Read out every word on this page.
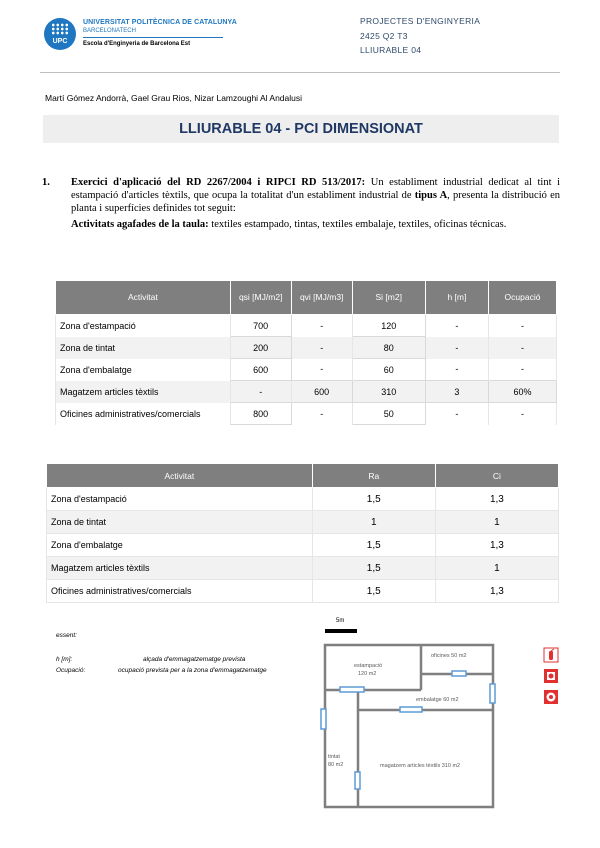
UPC
UNIVERSITAT POLITÈCNICA DE CATALUNYA
BARCELONATECH
Escola d'Enginyeria de Barcelona Est
PROJECTES D'ENGINYERIA
2425 Q2 T3
LLIURABLE 04
Martí Gómez Andorrà, Gael Grau Rios, Nizar Lamzoughi Al Andalusi
LLIURABLE 04 - PCI DIMENSIONAT
1. Exercici d'aplicació del RD 2267/2004 i RIPCI RD 513/2017: Un establiment industrial dedicat al tint i estampació d'articles tèxtils, que ocupa la totalitat d'un establiment industrial de tipus A, presenta la distribució en planta i superfícies definides tot seguit:
Activitats agafades de la taula: textiles estampado, tintas, textiles embalaje, textiles, oficinas técnicas.
Activitat	qsi [MJ/m2]	qvi [MJ/m3]	Si [m2]	h [m]	Ocupació
Zona d'estampació	700	-	120	-	-
Zona de tintat	200	-	80	-	-
Zona d'embalatge	600	-	60	-	-
Magatzem articles tèxtils	-	600	310	3	60%
Oficines administratives/comercials	800	-	50	-	-
Activitat	Ra	Ci
Zona d'estampació	1,5	1,3
Zona de tintat	1	1
Zona d'embalatge	1,5	1,3
Magatzem articles tèxtils	1,5	1
Oficines administratives/comercials	1,5	1,3
essent:
h [m]:	alçada d'emmagatzematge prevista
Ocupació:	ocupació prevista per a la zona d'emmagatzematge
5m
estampació
120 m2
oficines 50 m2
embalatge 60 m2
tintat
80 m2	magatzem articles tèxtils 310 m2
